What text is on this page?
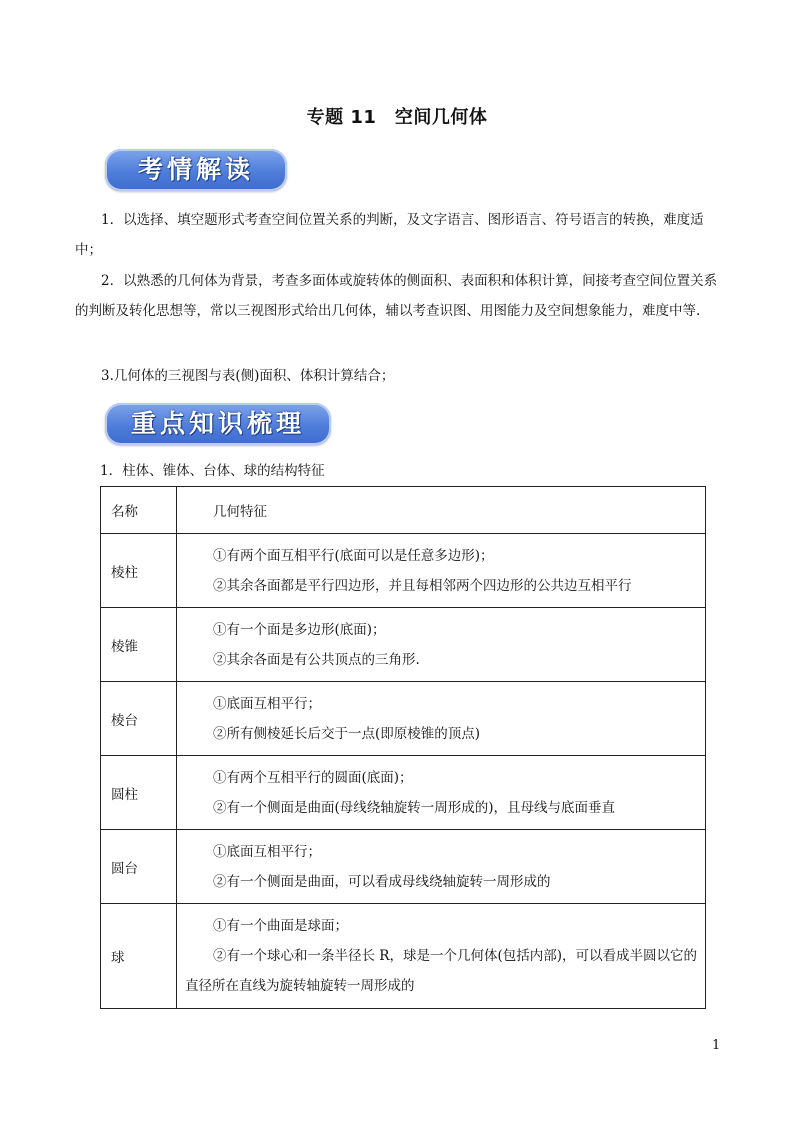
专题 11　空间几何体
考情解读

1．以选择、填空题形式考查空间位置关系的判断，及文字语言、图形语言、符号语言的转换，难度适中；

2．以熟悉的几何体为背景，考查多面体或旋转体的侧面积、表面积和体积计算，间接考查空间位置关系的判断及转化思想等，常以三视图形式给出几何体，辅以考查识图、用图能力及空间想象能力，难度中等.

3.几何体的三视图与表(侧)面积、体积计算结合；

重点知识梳理
1．柱体、锥体、台体、球的结构特征
名称	几何特征
棱柱	①有两个面互相平行(底面可以是任意多边形)；
②其余各面都是平行四边形，并且每相邻两个四边形的公共边互相平行

棱锥	①有一个面是多边形(底面)；
②其余各面是有公共顶点的三角形.

棱台	①底面互相平行；
②所有侧棱延长后交于一点(即原棱锥的顶点)

圆柱	①有两个互相平行的圆面(底面)；
②有一个侧面是曲面(母线绕轴旋转一周形成的)，且母线与底面垂直

圆台	①底面互相平行；
②有一个侧面是曲面，可以看成母线绕轴旋转一周形成的

球	①有一个曲面是球面；
②有一个球心和一条半径长 R，球是一个几何体(包括内部)，可以看成半圆以它的
直径所在直线为旋转轴旋转一周形成的
1
